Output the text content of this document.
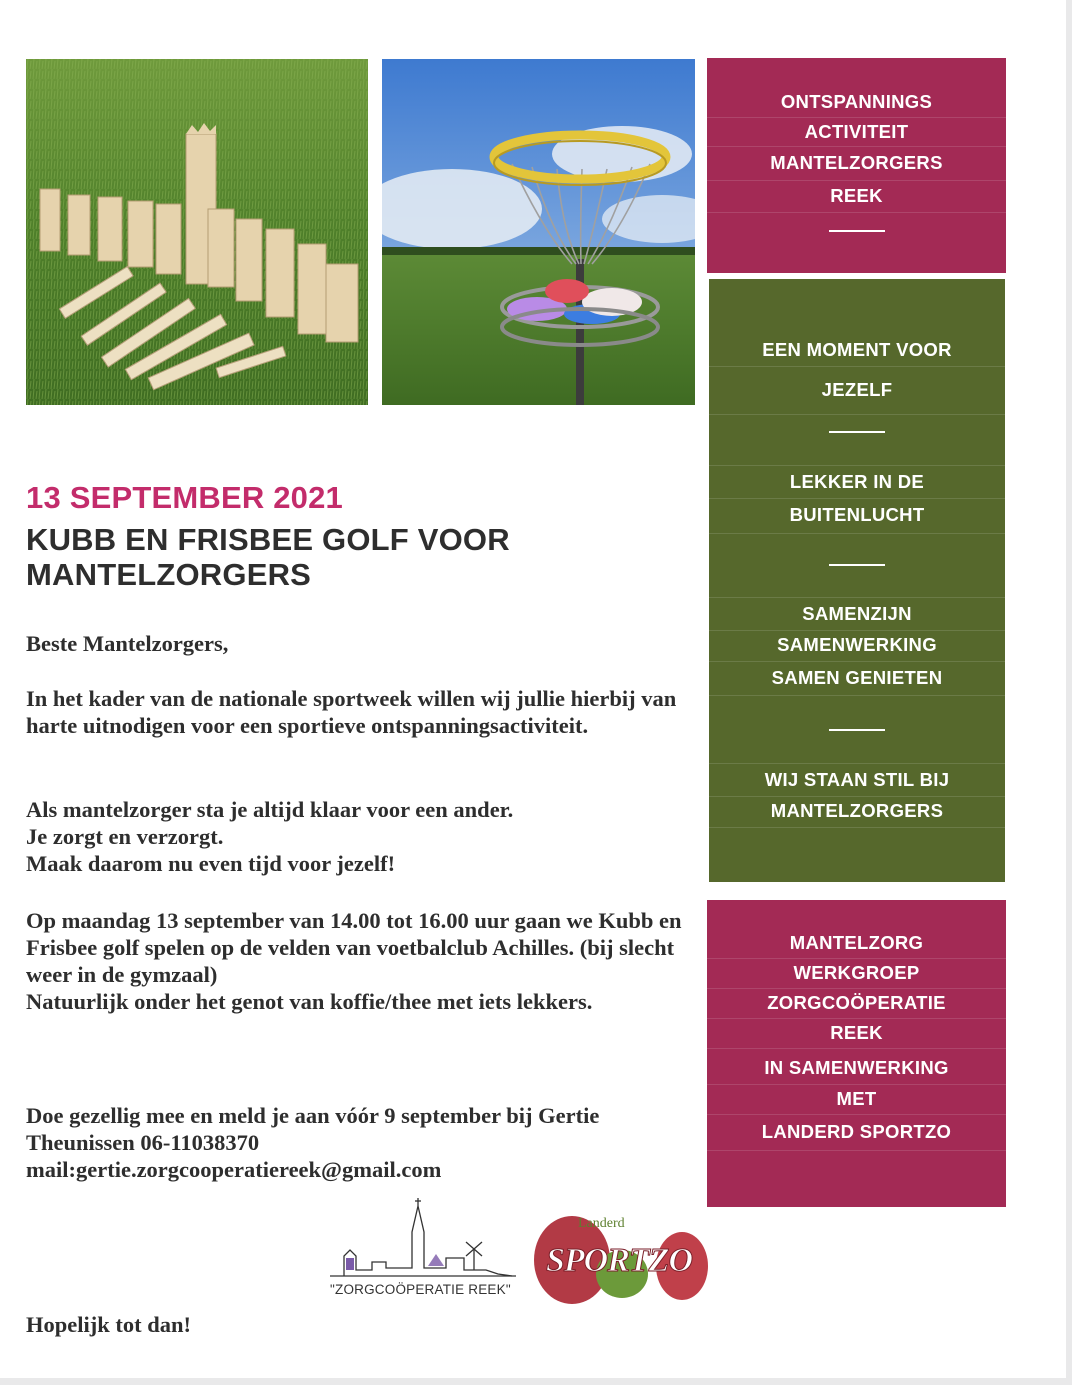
13 SEPTEMBER 2021
KUBB EN FRISBEE GOLF VOOR MANTELZORGERS
Beste Mantelzorgers,
In het kader van de nationale sportweek willen wij jullie hierbij van harte uitnodigen voor een sportieve ontspanningsactiviteit.
Als mantelzorger sta je altijd klaar voor een ander.
Je zorgt en verzorgt.
Maak daarom nu even tijd voor jezelf!
Op maandag 13 september van 14.00 tot 16.00 uur gaan we Kubb en Frisbee golf spelen op de velden van voetbalclub Achilles. (bij slecht weer in de gymzaal)
Natuurlijk onder het genot van koffie/thee met iets lekkers.
Doe gezellig mee en meld je aan vóór 9 september bij Gertie Theunissen 06-11038370
mail:gertie.zorgcooperatiereek@gmail.com
Hopelijk tot dan!
ONTSPANNINGS
ACTIVITEIT
MANTELZORGERS
REEK
EEN MOMENT VOOR
JEZELF
LEKKER IN DE
BUITENLUCHT
SAMENZIJN
SAMENWERKING
SAMEN GENIETEN
WIJ STAAN STIL BIJ
MANTELZORGERS
MANTELZORG
WERKGROEP
ZORGCOÖPERATIE
REEK
IN SAMENWERKING
MET
LANDERD SPORTZO
"ZORGCOÖPERATIE REEK"
Landerd
SPORTZO
